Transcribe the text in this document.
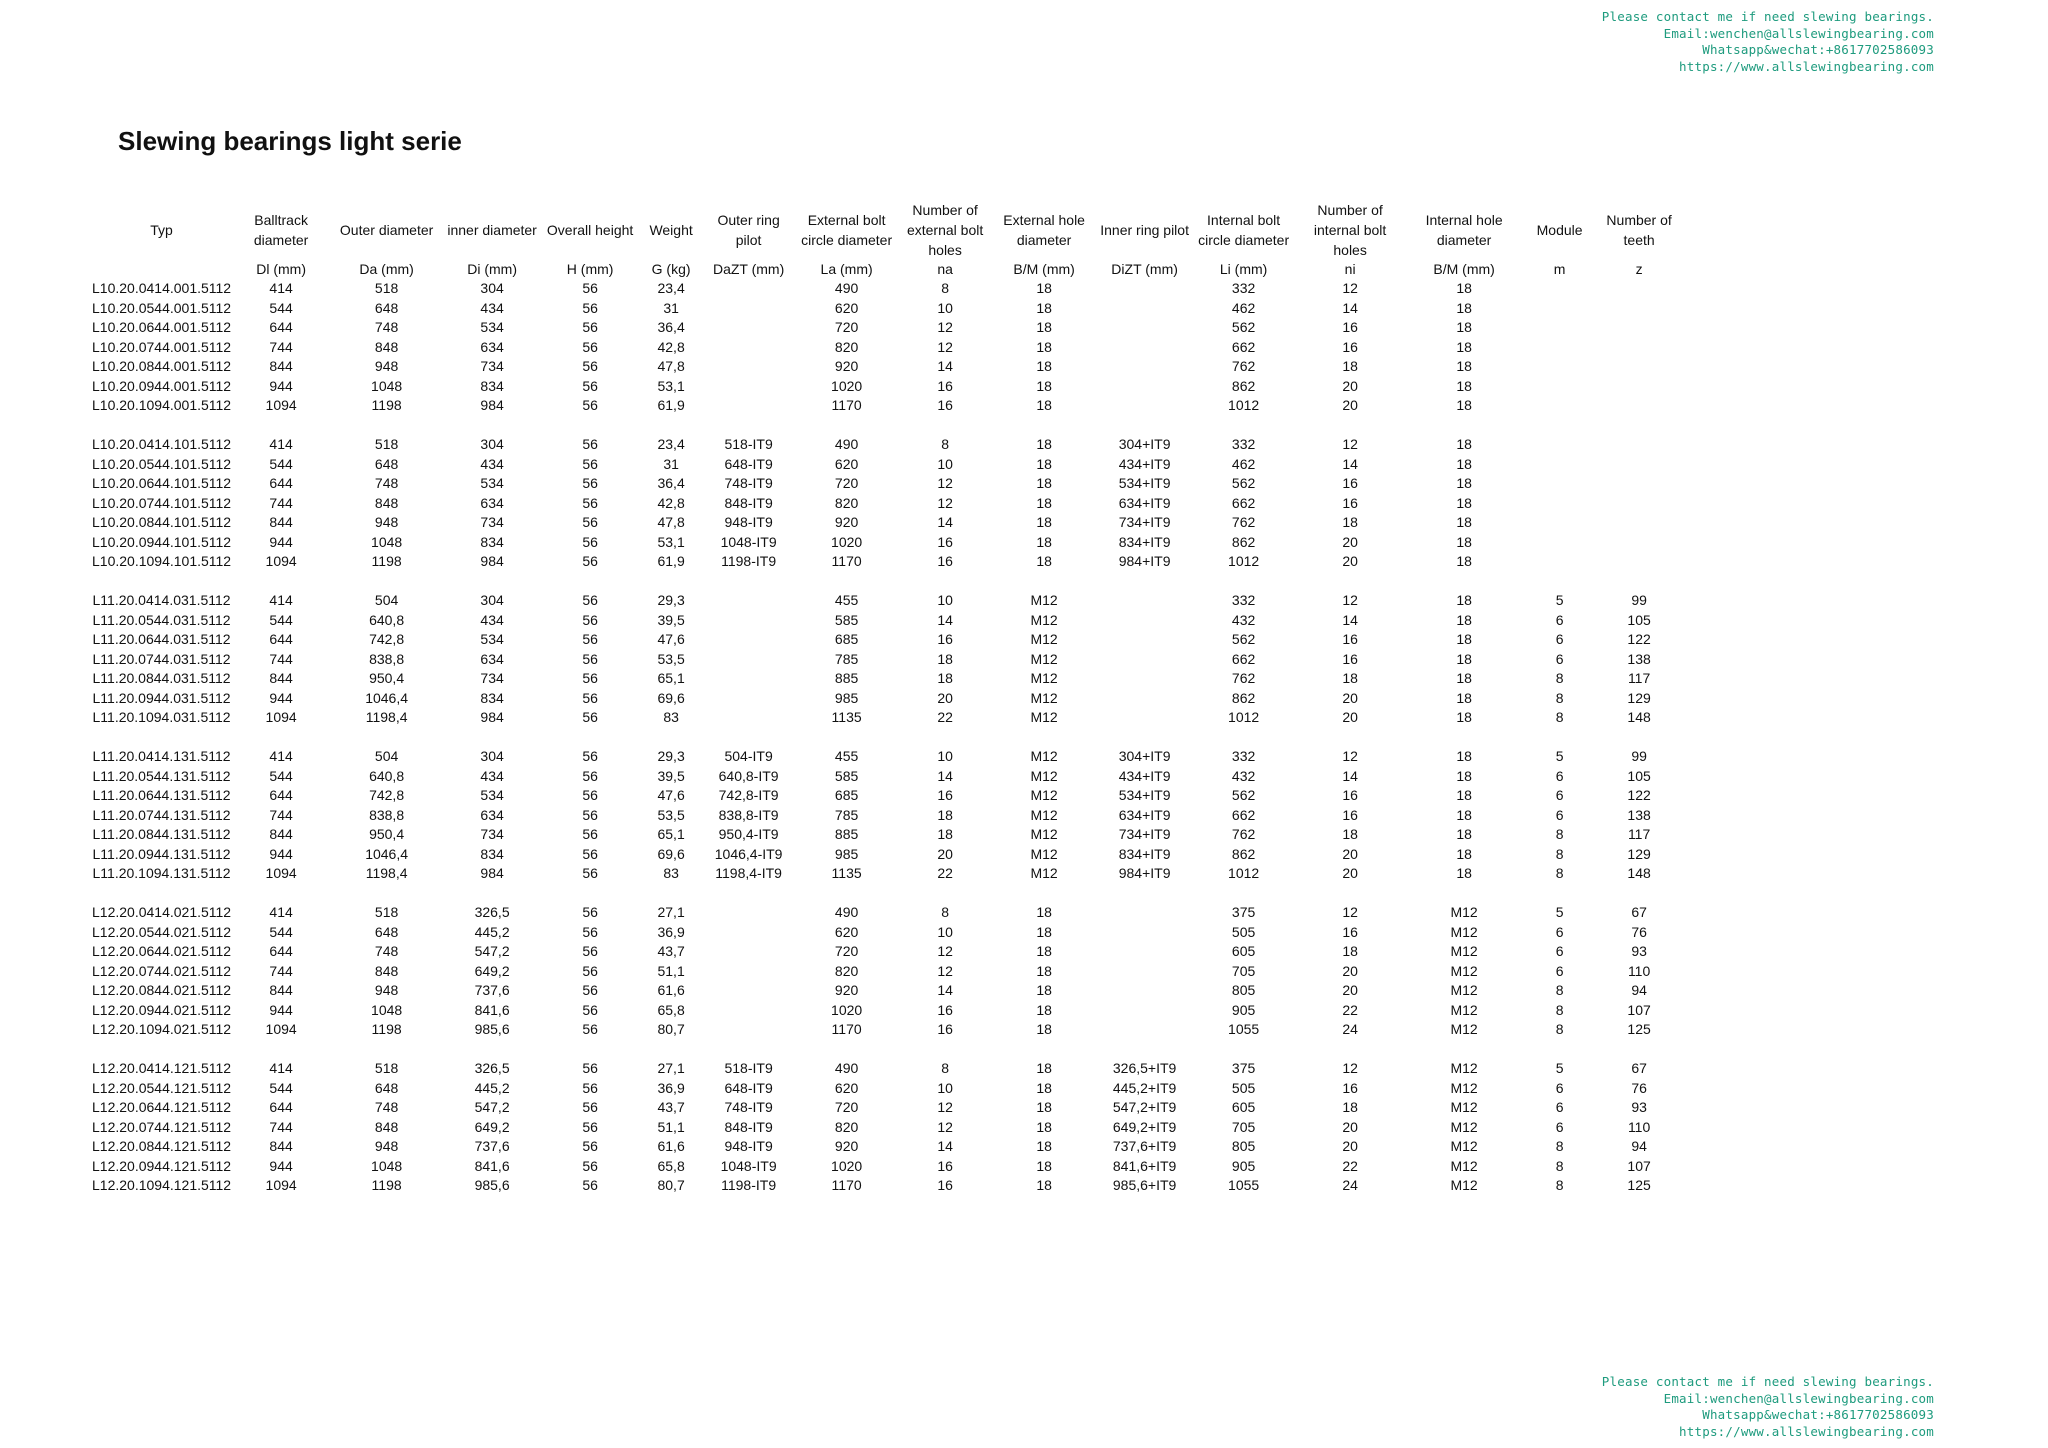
Please contact me if need slewing bearings.
Email:wenchen@allslewingbearing.com
Whatsapp&wechat:+8617702586093
https://www.allslewingbearing.com
Slewing bearings light serie
Typ	Balltrack diameter	Outer diameter	inner diameter	Overall height	Weight	Outer ring pilot	External bolt circle diameter	Number of external bolt holes	External hole diameter	Inner ring pilot	Internal bolt circle diameter	Number of internal bolt holes	Internal hole diameter	Module	Number of teeth
	Dl (mm)	Da (mm)	Di (mm)	H (mm)	G (kg)	DaZT (mm)	La (mm)	na	B/M (mm)	DiZT (mm)	Li (mm)	ni	B/M (mm)	m	z
L10.20.0414.001.5112	414	518	304	56	23,4		490	8	18		332	12	18		
L10.20.0544.001.5112	544	648	434	56	31		620	10	18		462	14	18		
L10.20.0644.001.5112	644	748	534	56	36,4		720	12	18		562	16	18		
L10.20.0744.001.5112	744	848	634	56	42,8		820	12	18		662	16	18		
L10.20.0844.001.5112	844	948	734	56	47,8		920	14	18		762	18	18		
L10.20.0944.001.5112	944	1048	834	56	53,1		1020	16	18		862	20	18		
L10.20.1094.001.5112	1094	1198	984	56	61,9		1170	16	18		1012	20	18		

L10.20.0414.101.5112	414	518	304	56	23,4	518-IT9	490	8	18	304+IT9	332	12	18		
L10.20.0544.101.5112	544	648	434	56	31	648-IT9	620	10	18	434+IT9	462	14	18		
L10.20.0644.101.5112	644	748	534	56	36,4	748-IT9	720	12	18	534+IT9	562	16	18		
L10.20.0744.101.5112	744	848	634	56	42,8	848-IT9	820	12	18	634+IT9	662	16	18		
L10.20.0844.101.5112	844	948	734	56	47,8	948-IT9	920	14	18	734+IT9	762	18	18		
L10.20.0944.101.5112	944	1048	834	56	53,1	1048-IT9	1020	16	18	834+IT9	862	20	18		
L10.20.1094.101.5112	1094	1198	984	56	61,9	1198-IT9	1170	16	18	984+IT9	1012	20	18		

L11.20.0414.031.5112	414	504	304	56	29,3		455	10	M12		332	12	18	5	99
L11.20.0544.031.5112	544	640,8	434	56	39,5		585	14	M12		432	14	18	6	105
L11.20.0644.031.5112	644	742,8	534	56	47,6		685	16	M12		562	16	18	6	122
L11.20.0744.031.5112	744	838,8	634	56	53,5		785	18	M12		662	16	18	6	138
L11.20.0844.031.5112	844	950,4	734	56	65,1		885	18	M12		762	18	18	8	117
L11.20.0944.031.5112	944	1046,4	834	56	69,6		985	20	M12		862	20	18	8	129
L11.20.1094.031.5112	1094	1198,4	984	56	83		1135	22	M12		1012	20	18	8	148

L11.20.0414.131.5112	414	504	304	56	29,3	504-IT9	455	10	M12	304+IT9	332	12	18	5	99
L11.20.0544.131.5112	544	640,8	434	56	39,5	640,8-IT9	585	14	M12	434+IT9	432	14	18	6	105
L11.20.0644.131.5112	644	742,8	534	56	47,6	742,8-IT9	685	16	M12	534+IT9	562	16	18	6	122
L11.20.0744.131.5112	744	838,8	634	56	53,5	838,8-IT9	785	18	M12	634+IT9	662	16	18	6	138
L11.20.0844.131.5112	844	950,4	734	56	65,1	950,4-IT9	885	18	M12	734+IT9	762	18	18	8	117
L11.20.0944.131.5112	944	1046,4	834	56	69,6	1046,4-IT9	985	20	M12	834+IT9	862	20	18	8	129
L11.20.1094.131.5112	1094	1198,4	984	56	83	1198,4-IT9	1135	22	M12	984+IT9	1012	20	18	8	148

L12.20.0414.021.5112	414	518	326,5	56	27,1		490	8	18		375	12	M12	5	67
L12.20.0544.021.5112	544	648	445,2	56	36,9		620	10	18		505	16	M12	6	76
L12.20.0644.021.5112	644	748	547,2	56	43,7		720	12	18		605	18	M12	6	93
L12.20.0744.021.5112	744	848	649,2	56	51,1		820	12	18		705	20	M12	6	110
L12.20.0844.021.5112	844	948	737,6	56	61,6		920	14	18		805	20	M12	8	94
L12.20.0944.021.5112	944	1048	841,6	56	65,8		1020	16	18		905	22	M12	8	107
L12.20.1094.021.5112	1094	1198	985,6	56	80,7		1170	16	18		1055	24	M12	8	125

L12.20.0414.121.5112	414	518	326,5	56	27,1	518-IT9	490	8	18	326,5+IT9	375	12	M12	5	67
L12.20.0544.121.5112	544	648	445,2	56	36,9	648-IT9	620	10	18	445,2+IT9	505	16	M12	6	76
L12.20.0644.121.5112	644	748	547,2	56	43,7	748-IT9	720	12	18	547,2+IT9	605	18	M12	6	93
L12.20.0744.121.5112	744	848	649,2	56	51,1	848-IT9	820	12	18	649,2+IT9	705	20	M12	6	110
L12.20.0844.121.5112	844	948	737,6	56	61,6	948-IT9	920	14	18	737,6+IT9	805	20	M12	8	94
L12.20.0944.121.5112	944	1048	841,6	56	65,8	1048-IT9	1020	16	18	841,6+IT9	905	22	M12	8	107
L12.20.1094.121.5112	1094	1198	985,6	56	80,7	1198-IT9	1170	16	18	985,6+IT9	1055	24	M12	8	125
Please contact me if need slewing bearings.
Email:wenchen@allslewingbearing.com
Whatsapp&wechat:+8617702586093
https://www.allslewingbearing.com
